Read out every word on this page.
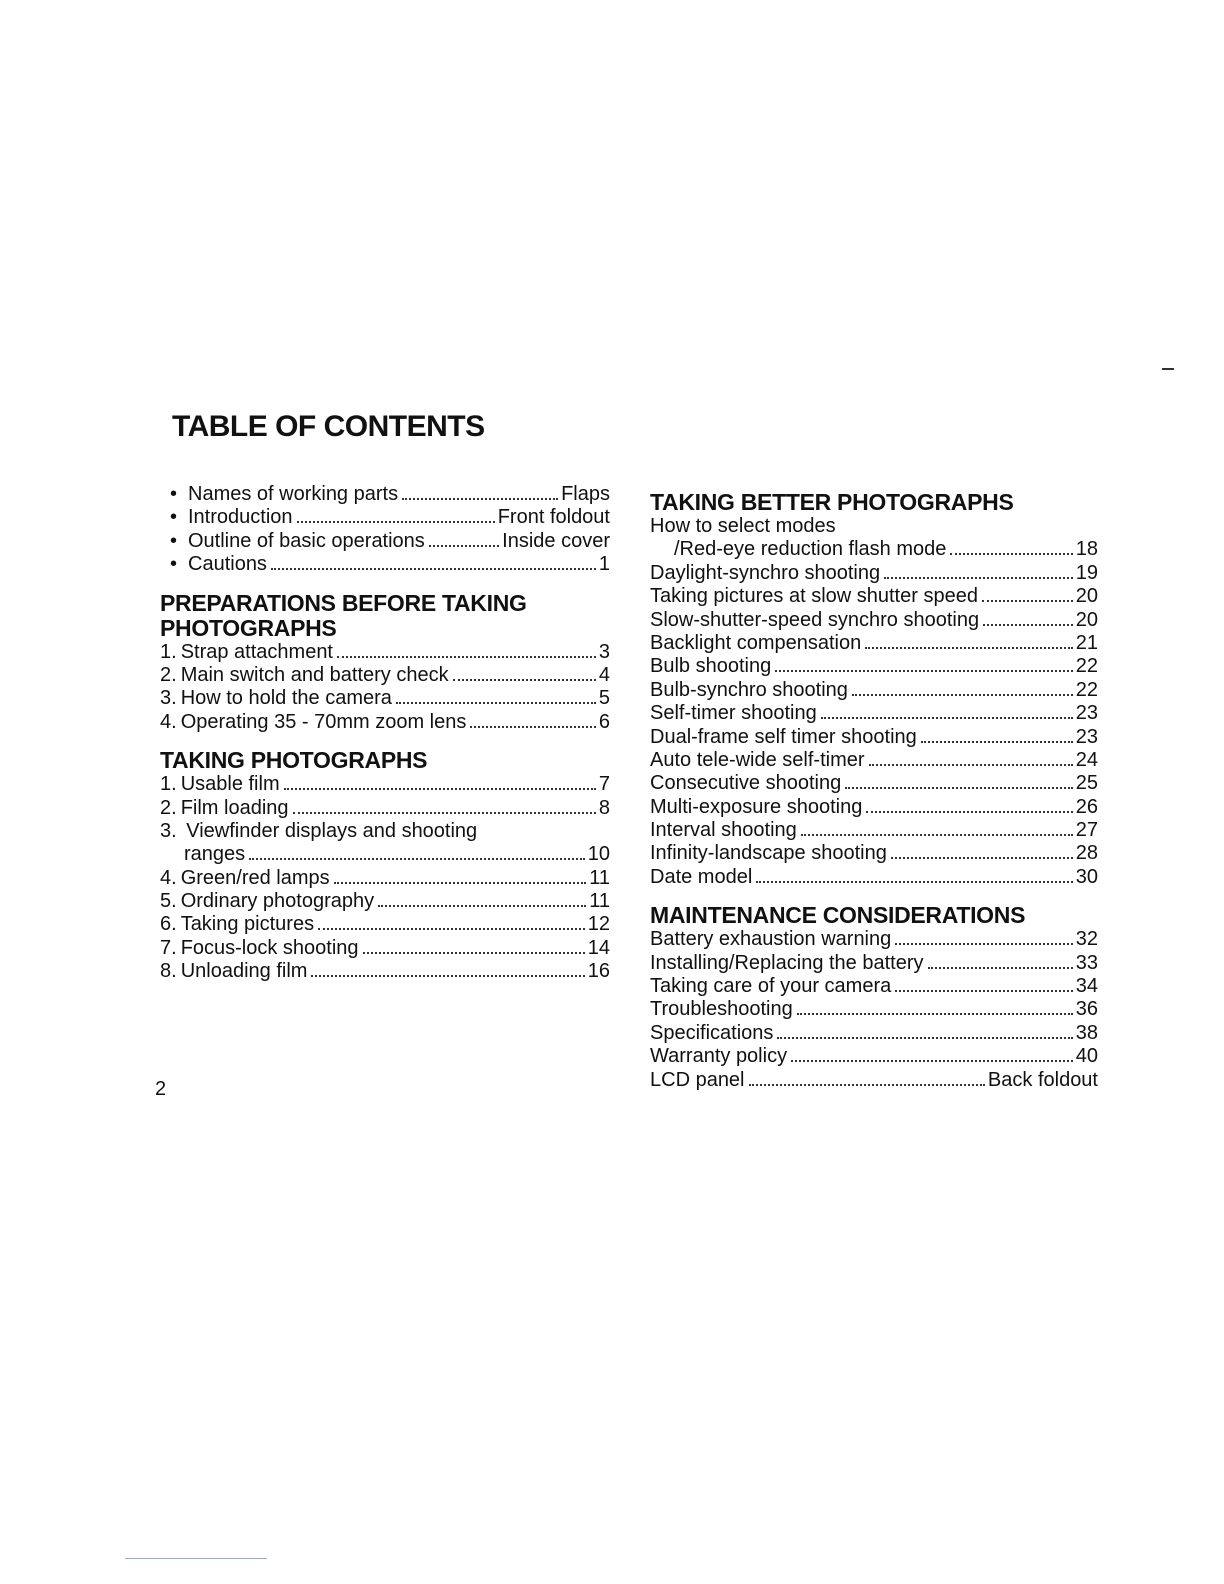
TABLE OF CONTENTS
• Names of working parts	Flaps
• Introduction	Front foldout
• Outline of basic operations	Inside cover
• Cautions	1
PREPARATIONS BEFORE TAKING
PHOTOGRAPHS
1. Strap attachment	3
2. Main switch and battery check	4
3. How to hold the camera	5
4. Operating 35 - 70mm zoom lens	6
TAKING PHOTOGRAPHS
1. Usable film	7
2. Film loading	8
3. Viewfinder displays and shooting
ranges	10
4. Green/red lamps	11
5. Ordinary photography	11
6. Taking pictures	12
7. Focus-lock shooting	14
8. Unloading film	16
TAKING BETTER PHOTOGRAPHS
How to select modes
/Red-eye reduction flash mode	18
Daylight-synchro shooting	19
Taking pictures at slow shutter speed	20
Slow-shutter-speed synchro shooting	20
Backlight compensation	21
Bulb shooting	22
Bulb-synchro shooting	22
Self-timer shooting	23
Dual-frame self timer shooting	23
Auto tele-wide self-timer	24
Consecutive shooting	25
Multi-exposure shooting	26
Interval shooting	27
Infinity-landscape shooting	28
Date model	30
MAINTENANCE CONSIDERATIONS
Battery exhaustion warning	32
Installing/Replacing the battery	33
Taking care of your camera	34
Troubleshooting	36
Specifications	38
Warranty policy	40
LCD panel	Back foldout
2
